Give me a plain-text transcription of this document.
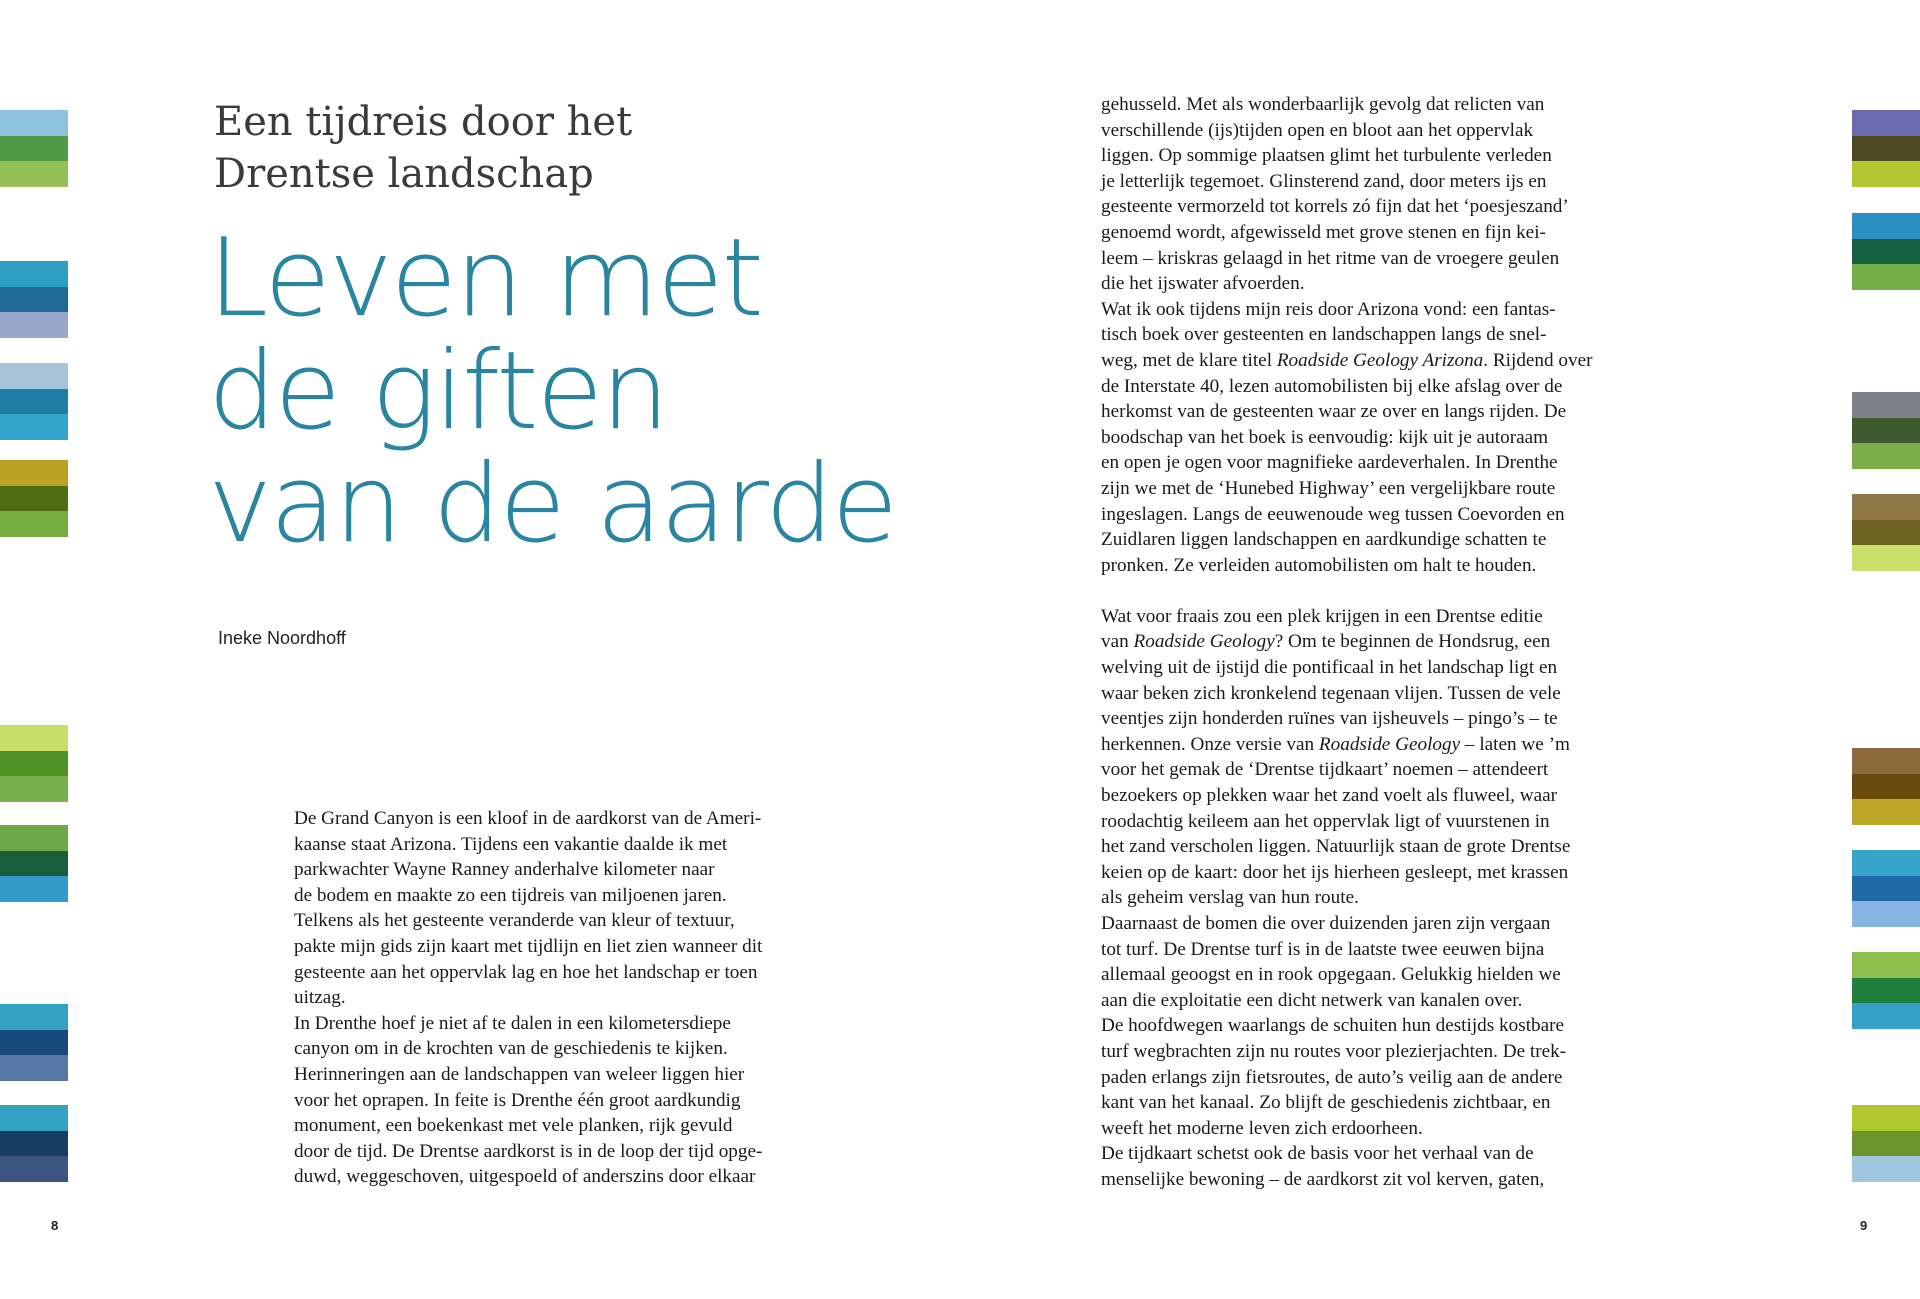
Een tijdreis door het
Drentse landschap
Leven met
de giften
van de aarde
Ineke Noordhoff
De Grand Canyon is een kloof in de aardkorst van de Ameri-
kaanse staat Arizona. Tijdens een vakantie daalde ik met
parkwachter Wayne Ranney anderhalve kilometer naar
de bodem en maakte zo een tijdreis van miljoenen jaren.
Telkens als het gesteente veranderde van kleur of textuur,
pakte mijn gids zijn kaart met tijdlijn en liet zien wanneer dit
gesteente aan het oppervlak lag en hoe het landschap er toen
uitzag.
In Drenthe hoef je niet af te dalen in een kilometersdiepe
canyon om in de krochten van de geschiedenis te kijken.
Herinneringen aan de landschappen van weleer liggen hier
voor het oprapen. In feite is Drenthe één groot aardkundig
monument, een boekenkast met vele planken, rijk gevuld
door de tijd. De Drentse aardkorst is in de loop der tijd opge-
duwd, weggeschoven, uitgespoeld of anderszins door elkaar
8	9
gehusseld. Met als wonderbaarlijk gevolg dat relicten van
verschillende (ijs)tijden open en bloot aan het oppervlak
liggen. Op sommige plaatsen glimt het turbulente verleden
je letterlijk tegemoet. Glinsterend zand, door meters ijs en
gesteente vermorzeld tot korrels zó fijn dat het ‘poesjeszand’
genoemd wordt, afgewisseld met grove stenen en fijn kei-
leem – kriskras gelaagd in het ritme van de vroegere geulen
die het ijswater afvoerden.
Wat ik ook tijdens mijn reis door Arizona vond: een fantas-
tisch boek over gesteenten en landschappen langs de snel-
weg, met de klare titel Roadside Geology Arizona. Rijdend over
de Interstate 40, lezen automobilisten bij elke afslag over de
herkomst van de gesteenten waar ze over en langs rijden. De
boodschap van het boek is eenvoudig: kijk uit je autoraam
en open je ogen voor magnifieke aardeverhalen. In Drenthe
zijn we met de ‘Hunebed Highway’ een vergelijkbare route
ingeslagen. Langs de eeuwenoude weg tussen Coevorden en
Zuidlaren liggen landschappen en aardkundige schatten te
pronken. Ze verleiden automobilisten om halt te houden.
Wat voor fraais zou een plek krijgen in een Drentse editie
van Roadside Geology? Om te beginnen de Hondsrug, een
welving uit de ijstijd die pontificaal in het landschap ligt en
waar beken zich kronkelend tegenaan vlijen. Tussen de vele
veentjes zijn honderden ruïnes van ijsheuvels – pingo’s – te
herkennen. Onze versie van Roadside Geology – laten we ’m
voor het gemak de ‘Drentse tijdkaart’ noemen – attendeert
bezoekers op plekken waar het zand voelt als fluweel, waar
roodachtig keileem aan het oppervlak ligt of vuurstenen in
het zand verscholen liggen. Natuurlijk staan de grote Drentse
keien op de kaart: door het ijs hierheen gesleept, met krassen
als geheim verslag van hun route.
Daarnaast de bomen die over duizenden jaren zijn vergaan
tot turf. De Drentse turf is in de laatste twee eeuwen bijna
allemaal geoogst en in rook opgegaan. Gelukkig hielden we
aan die exploitatie een dicht netwerk van kanalen over.
De hoofdwegen waarlangs de schuiten hun destijds kostbare
turf wegbrachten zijn nu routes voor plezierjachten. De trek-
paden erlangs zijn fietsroutes, de auto’s veilig aan de andere
kant van het kanaal. Zo blijft de geschiedenis zichtbaar, en
weeft het moderne leven zich erdoorheen.
De tijdkaart schetst ook de basis voor het verhaal van de
menselijke bewoning – de aardkorst zit vol kerven, gaten,
